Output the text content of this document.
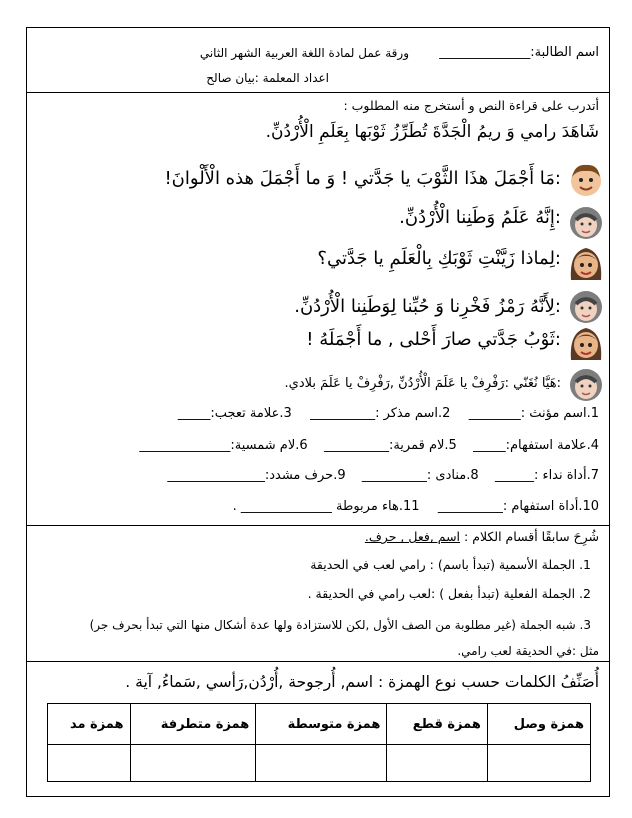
اسم الطالبة:______________
ورقة عمل لمادة اللغة العربية الشهر الثاني
اعداد المعلمة :بيان صالح
أتدرب على قراءة النص و أستخرج منه المطلوب :
شَاهَدَ رامي وَ ريمُ الْجَدَّةَ تُطَرِّزُ ثَوْبَها بِعَلَمِ الْأُرْدُنِّ.
:مَا أَجْمَلَ هذَا الثَّوْبَ يا جَدَّتي ! وَ ما أَجْمَلَ هذه الْأَلْوانَ!
:إِنَّهُ عَلَمُ وَطَنِنا الْأُرْدُنِّ.
:لِماذا زَيَّنْتِ ثَوْبَكِ بِالْعَلَمِ يا جَدَّتي؟
:لِأَنَّهُ رَمْزُ فَخْرِنا وَ حُبِّنا لِوَطَنِنا الْأُرْدُنِّ.
:ثَوْبُ جَدَّتي صارَ أَحْلى , ما أَجْمَلَهُ !
:هَيَّا نُغَنّي :رَفْرِفْ يا عَلَمَ الْأُرْدُنِّ ,رَفْرِفْ يا عَلَمَ بلادي.
1.اسم مؤنث :________  2.اسم مذكر :__________  3.علامة تعجب:_____
4.علامة استفهام:_____  5.لام قمرية:__________  6.لام شمسية:______________
7.أداة نداء :______  8.منادى :__________  9.حرف مشدد:_______________
10.أداة استفهام :__________  11.هاء مربوطة ______________ .
شُرِحَ سابقًا أقسام الكلام : اسم ,فعل , حرف.
1. الجملة الأسمية (تبدأ باسم) : رامي لعب في الحديقة
2. الجملة الفعلية (تبدأ بفعل ) :لعب رامي في الحديقة .
3. شبه الجملة (غير مطلوبة من الصف الأول ,لكن للاستزادة ولها عدة أشكال منها التي تبدأ بحرف جر)
مثل :في الحديقة لعب رامي.
أُصَنِّفُ الكلمات حسب نوع الهمزة : اسم, أُرجوحة ,أُرْدُن,رَأسي ,سَماءُ, آية .
همزة وصل	همزة قطع	همزة متوسطة	همزة متطرفة	همزة مد
